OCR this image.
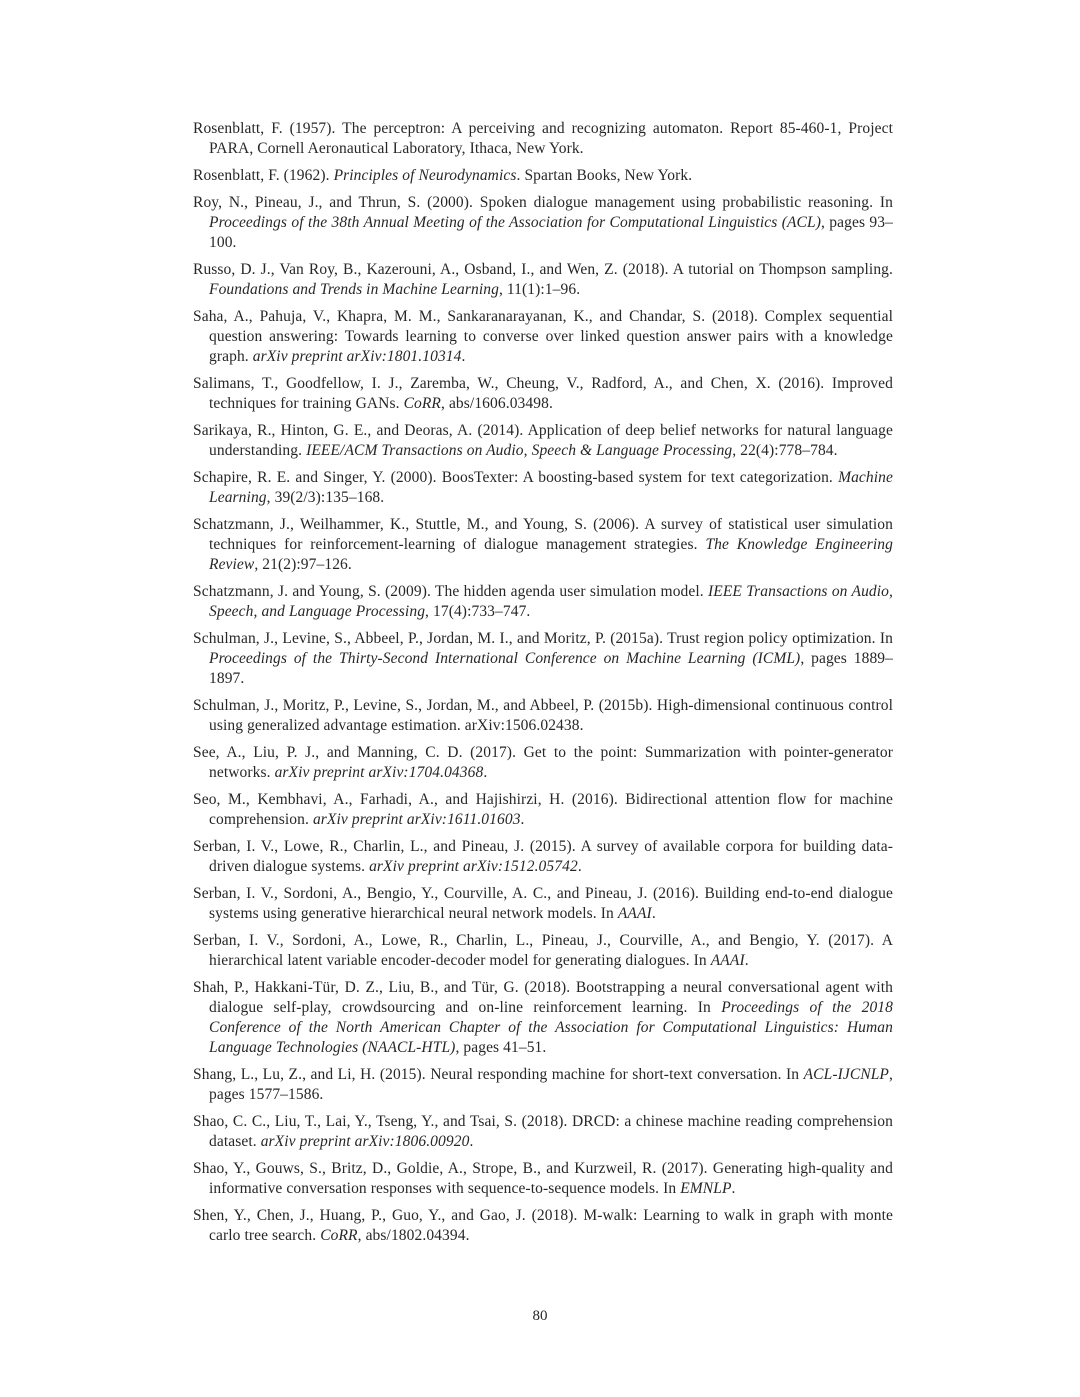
Rosenblatt, F. (1957). The perceptron: A perceiving and recognizing automaton. Report 85-460-1, Project PARA, Cornell Aeronautical Laboratory, Ithaca, New York.

Rosenblatt, F. (1962). Principles of Neurodynamics. Spartan Books, New York.

Roy, N., Pineau, J., and Thrun, S. (2000). Spoken dialogue management using probabilistic reasoning. In Proceedings of the 38th Annual Meeting of the Association for Computational Linguistics (ACL), pages 93–100.

Russo, D. J., Van Roy, B., Kazerouni, A., Osband, I., and Wen, Z. (2018). A tutorial on Thompson sampling. Foundations and Trends in Machine Learning, 11(1):1–96.

Saha, A., Pahuja, V., Khapra, M. M., Sankaranarayanan, K., and Chandar, S. (2018). Complex sequential question answering: Towards learning to converse over linked question answer pairs with a knowledge graph. arXiv preprint arXiv:1801.10314.

Salimans, T., Goodfellow, I. J., Zaremba, W., Cheung, V., Radford, A., and Chen, X. (2016). Improved techniques for training GANs. CoRR, abs/1606.03498.

Sarikaya, R., Hinton, G. E., and Deoras, A. (2014). Application of deep belief networks for natural language understanding. IEEE/ACM Transactions on Audio, Speech & Language Processing, 22(4):778–784.

Schapire, R. E. and Singer, Y. (2000). BoosTexter: A boosting-based system for text categorization. Machine Learning, 39(2/3):135–168.

Schatzmann, J., Weilhammer, K., Stuttle, M., and Young, S. (2006). A survey of statistical user simulation techniques for reinforcement-learning of dialogue management strategies. The Knowledge Engineering Review, 21(2):97–126.

Schatzmann, J. and Young, S. (2009). The hidden agenda user simulation model. IEEE Transactions on Audio, Speech, and Language Processing, 17(4):733–747.

Schulman, J., Levine, S., Abbeel, P., Jordan, M. I., and Moritz, P. (2015a). Trust region policy optimization. In Proceedings of the Thirty-Second International Conference on Machine Learning (ICML), pages 1889–1897.

Schulman, J., Moritz, P., Levine, S., Jordan, M., and Abbeel, P. (2015b). High-dimensional continuous control using generalized advantage estimation. arXiv:1506.02438.

See, A., Liu, P. J., and Manning, C. D. (2017). Get to the point: Summarization with pointer-generator networks. arXiv preprint arXiv:1704.04368.

Seo, M., Kembhavi, A., Farhadi, A., and Hajishirzi, H. (2016). Bidirectional attention flow for machine comprehension. arXiv preprint arXiv:1611.01603.

Serban, I. V., Lowe, R., Charlin, L., and Pineau, J. (2015). A survey of available corpora for building data-driven dialogue systems. arXiv preprint arXiv:1512.05742.

Serban, I. V., Sordoni, A., Bengio, Y., Courville, A. C., and Pineau, J. (2016). Building end-to-end dialogue systems using generative hierarchical neural network models. In AAAI.

Serban, I. V., Sordoni, A., Lowe, R., Charlin, L., Pineau, J., Courville, A., and Bengio, Y. (2017). A hierarchical latent variable encoder-decoder model for generating dialogues. In AAAI.

Shah, P., Hakkani-Tür, D. Z., Liu, B., and Tür, G. (2018). Bootstrapping a neural conversational agent with dialogue self-play, crowdsourcing and on-line reinforcement learning. In Proceedings of the 2018 Conference of the North American Chapter of the Association for Computational Linguistics: Human Language Technologies (NAACL-HTL), pages 41–51.

Shang, L., Lu, Z., and Li, H. (2015). Neural responding machine for short-text conversation. In ACL-IJCNLP, pages 1577–1586.

Shao, C. C., Liu, T., Lai, Y., Tseng, Y., and Tsai, S. (2018). DRCD: a chinese machine reading comprehension dataset. arXiv preprint arXiv:1806.00920.

Shao, Y., Gouws, S., Britz, D., Goldie, A., Strope, B., and Kurzweil, R. (2017). Generating high-quality and informative conversation responses with sequence-to-sequence models. In EMNLP.

Shen, Y., Chen, J., Huang, P., Guo, Y., and Gao, J. (2018). M-walk: Learning to walk in graph with monte carlo tree search. CoRR, abs/1802.04394.

80
